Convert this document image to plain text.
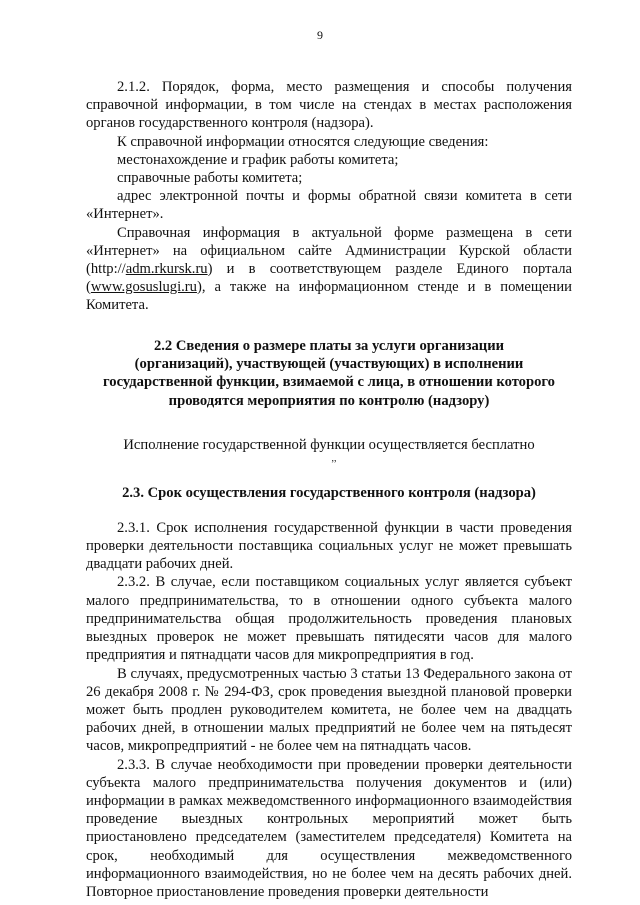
9

2.1.2. Порядок, форма, место размещения и способы получения справочной информации, в том числе на стендах в местах расположения органов государственного контроля (надзора).

К справочной информации относятся следующие сведения:

местонахождение и график работы комитета;

справочные работы комитета;

адрес электронной почты и формы обратной связи комитета в сети «Интернет».

Справочная информация в актуальной форме размещена в сети «Интернет» на официальном сайте Администрации Курской области (http://adm.rkursk.ru) и в соответствующем разделе Единого портала (www.gosuslugi.ru), а также на информационном стенде и в помещении Комитета.

2.2 Сведения о размере платы за услуги организации

(организаций), участвующей (участвующих) в исполнении

государственной функции, взимаемой с лица, в отношении которого

проводятся мероприятия по контролю (надзору)

Исполнение государственной функции осуществляется бесплатно

,,

2.3. Срок осуществления государственного контроля (надзора)

2.3.1. Срок исполнения государственной функции в части проведения проверки деятельности поставщика социальных услуг не может превышать двадцати рабочих дней.

2.3.2. В случае, если поставщиком социальных услуг является субъект малого предпринимательства, то в отношении одного субъекта малого предпринимательства общая продолжительность проведения плановых выездных проверок не может превышать пятидесяти часов для малого предприятия и пятнадцати часов для микропредприятия в год.

В случаях, предусмотренных частью 3 статьи 13 Федерального закона от 26 декабря 2008 г. № 294-ФЗ, срок проведения выездной плановой проверки может быть продлен руководителем комитета, не более чем на двадцать рабочих дней, в отношении малых предприятий не более чем на пятьдесят часов, микропредприятий - не более чем на пятнадцать часов.

2.3.3. В случае необходимости при проведении проверки деятельности субъекта малого предпринимательства получения документов и (или) информации в рамках межведомственного информационного взаимодействия проведение выездных контрольных мероприятий может быть приостановлено председателем (заместителем председателя) Комитета на срок, необходимый для осуществления межведомственного информационного взаимодействия, но не более чем на десять рабочих дней. Повторное приостановление проведения проверки деятельности
